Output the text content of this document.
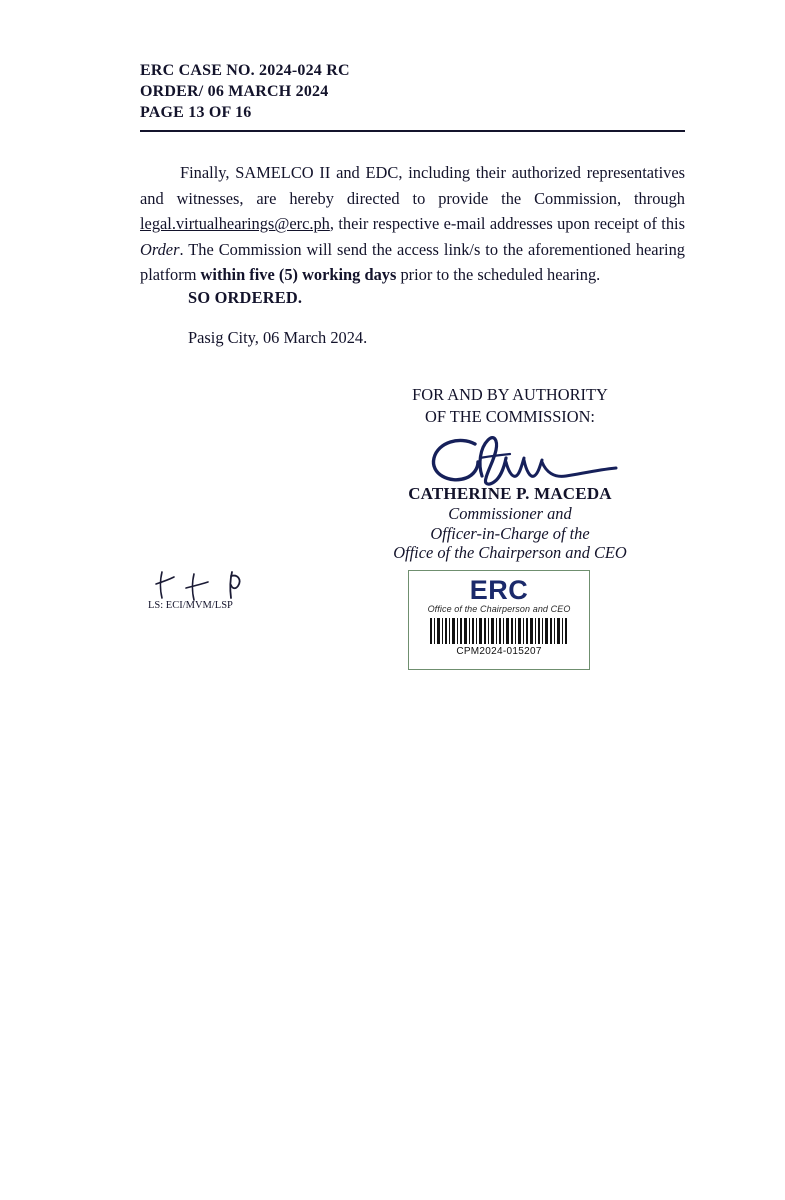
ERC CASE NO. 2024-024 RC
ORDER/ 06 MARCH 2024
PAGE 13 OF 16

Finally, SAMELCO II and EDC, including their authorized representatives and witnesses, are hereby directed to provide the Commission, through legal.virtualhearings@erc.ph, their respective e-mail addresses upon receipt of this Order. The Commission will send the access link/s to the aforementioned hearing platform within five (5) working days prior to the scheduled hearing.

SO ORDERED.
Pasig City, 06 March 2024.
FOR AND BY AUTHORITY
OF THE COMMISSION:
CATHERINE P. MACEDA
Commissioner and
Officer-in-Charge of the
Office of the Chairperson and CEO
LS: ECI/MVM/LSP
ERC
Office of the Chairperson and CEO
CPM2024-015207
